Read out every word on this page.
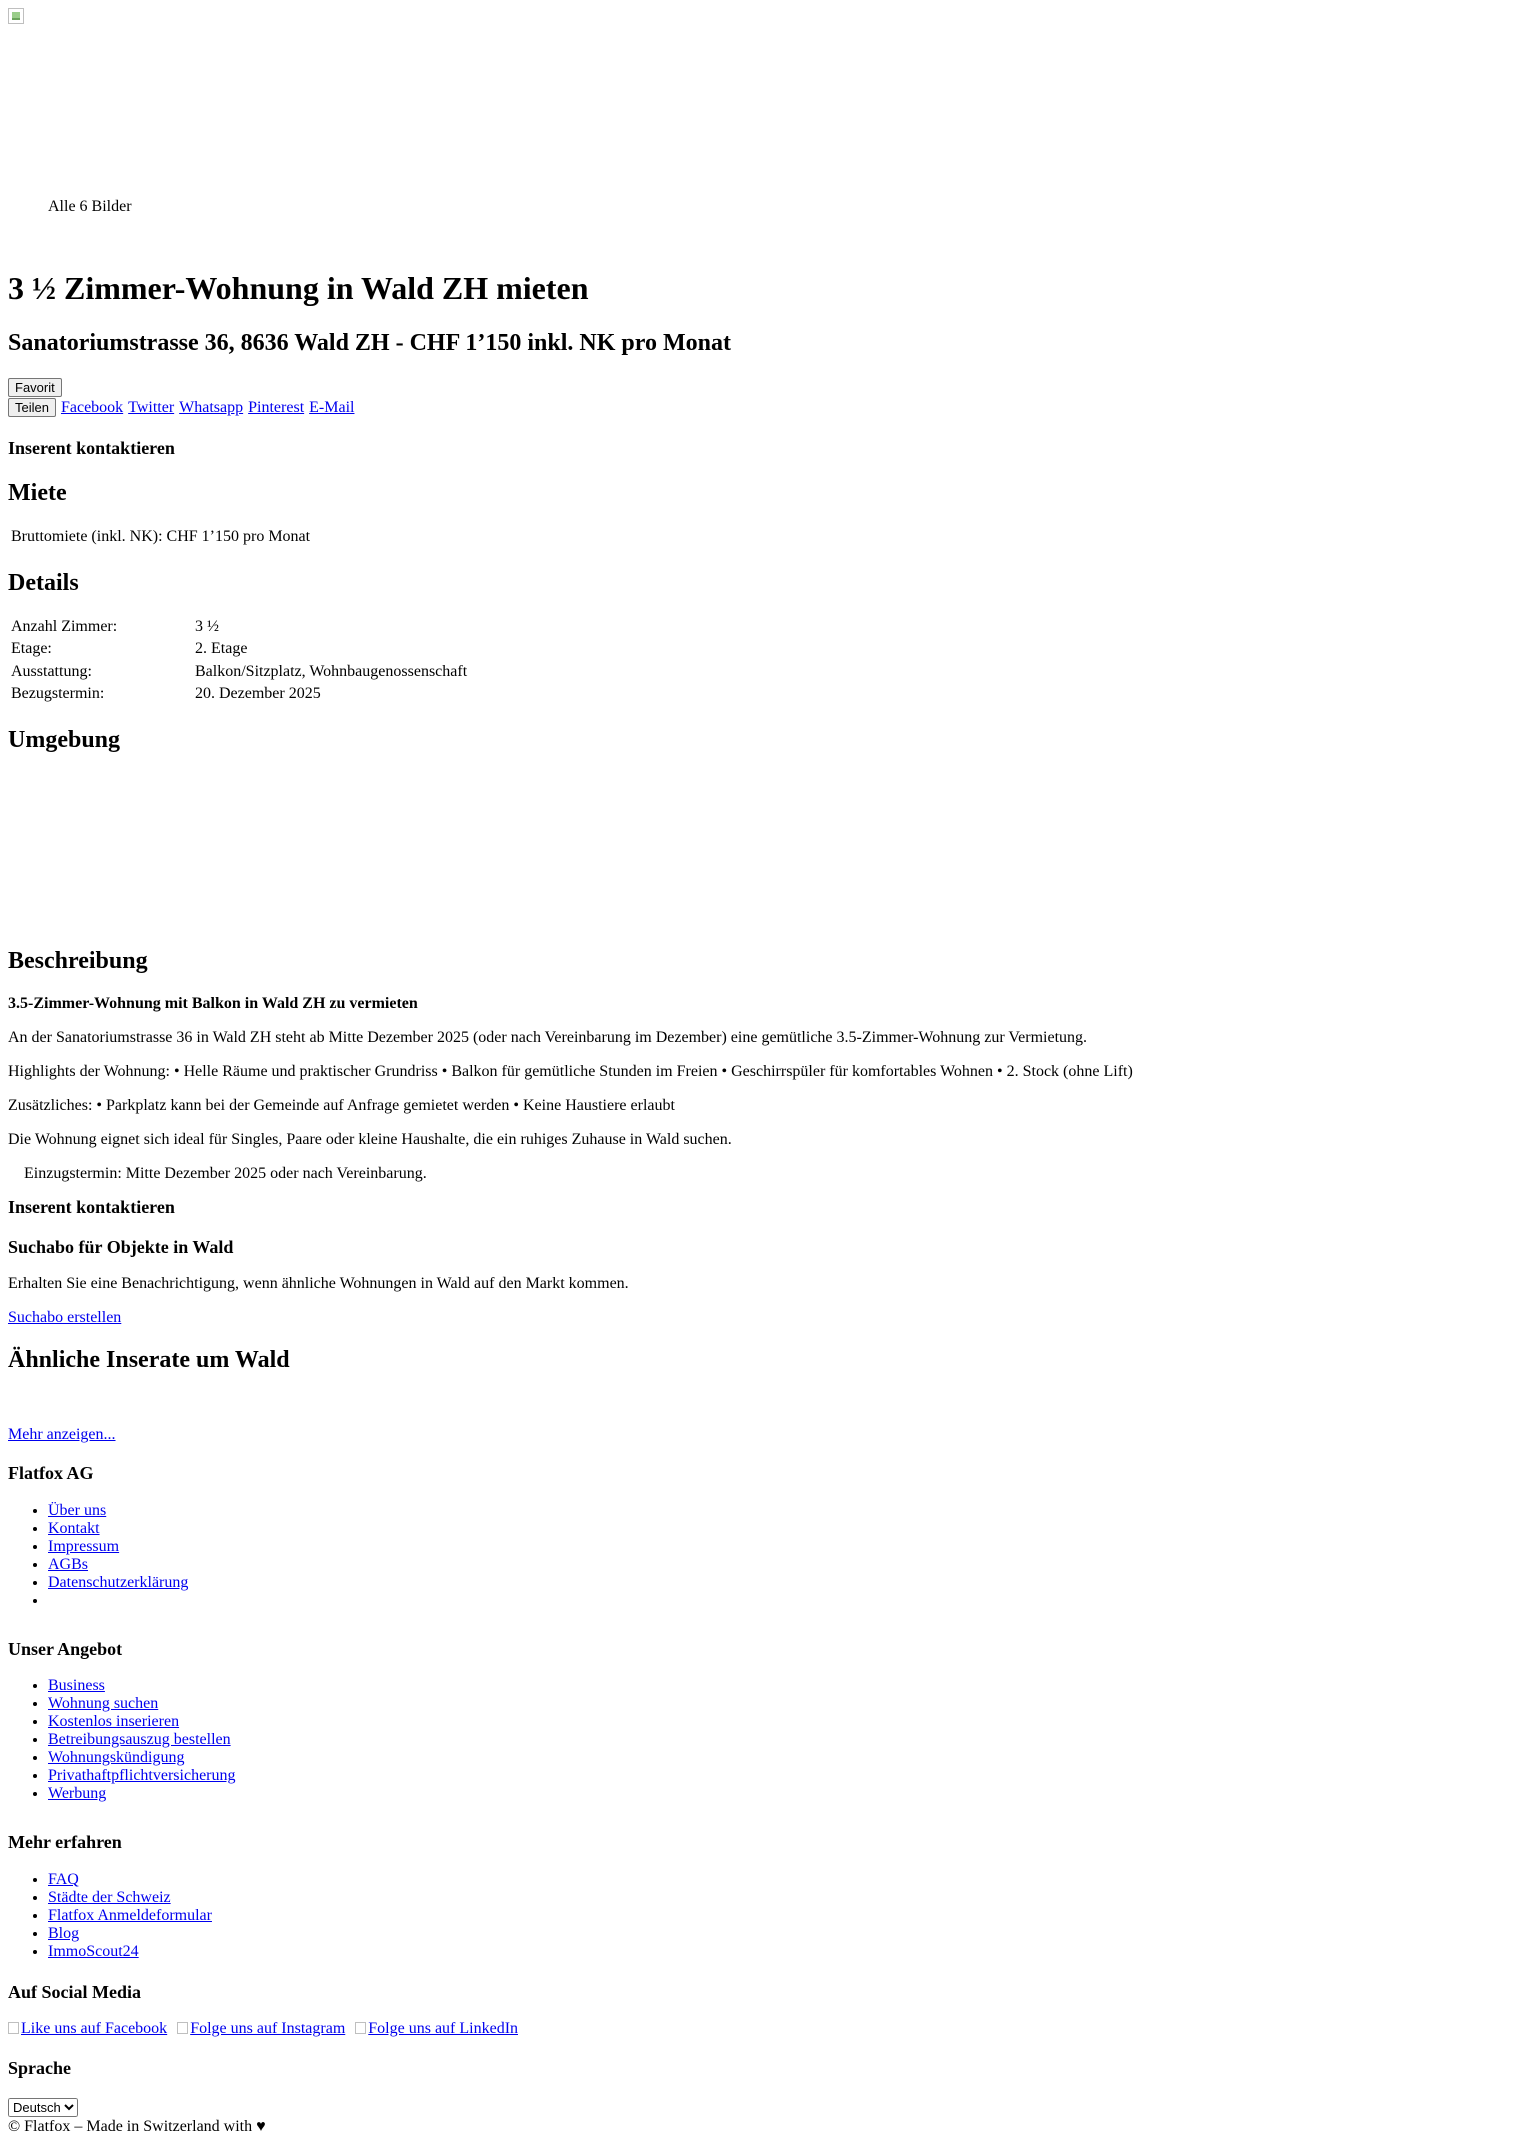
Alle 6 Bilder
3 ½ Zimmer-Wohnung in Wald ZH mieten
Sanatoriumstrasse 36, 8636 Wald ZH - CHF 1’150 inkl. NK pro Monat
Favorit
Teilen Facebook Twitter Whatsapp Pinterest E-Mail
Inserent kontaktieren
Miete
Bruttomiete (inkl. NK): CHF 1’150 pro Monat
Details
Anzahl Zimmer:	3 ½
Etage:	2. Etage
Ausstattung:	Balkon/Sitzplatz, Wohnbaugenossenschaft
Bezugstermin:	20. Dezember 2025
Umgebung
Beschreibung
3.5-Zimmer-Wohnung mit Balkon in Wald ZH zu vermieten

An der Sanatoriumstrasse 36 in Wald ZH steht ab Mitte Dezember 2025 (oder nach Vereinbarung im Dezember) eine gemütliche 3.5-Zimmer-Wohnung zur Vermietung.

Highlights der Wohnung: • Helle Räume und praktischer Grundriss • Balkon für gemütliche Stunden im Freien • Geschirrspüler für komfortables Wohnen • 2. Stock (ohne Lift)

Zusätzliches: • Parkplatz kann bei der Gemeinde auf Anfrage gemietet werden • Keine Haustiere erlaubt

Die Wohnung eignet sich ideal für Singles, Paare oder kleine Haushalte, die ein ruhiges Zuhause in Wald suchen.

Einzugstermin: Mitte Dezember 2025 oder nach Vereinbarung.

Inserent kontaktieren
Suchabo für Objekte in Wald

Erhalten Sie eine Benachrichtigung, wenn ähnliche Wohnungen in Wald auf den Markt kommen.

Suchabo erstellen
Ähnliche Inserate um Wald
Mehr anzeigen...
Flatfox AG
• Über uns
• Kontakt
• Impressum
• AGBs
• Datenschutzerklärung
•
Unser Angebot
• Business
• Wohnung suchen
• Kostenlos inserieren
• Betreibungsauszug bestellen
• Wohnungskündigung
• Privathaftpflichtversicherung
• Werbung
Mehr erfahren
• FAQ
• Städte der Schweiz
• Flatfox Anmeldeformular
• Blog
• ImmoScout24
Auf Social Media
Like uns auf Facebook Folge uns auf Instagram Folge uns auf LinkedIn
Sprache
Deutsch
© Flatfox – Made in Switzerland with ♥
